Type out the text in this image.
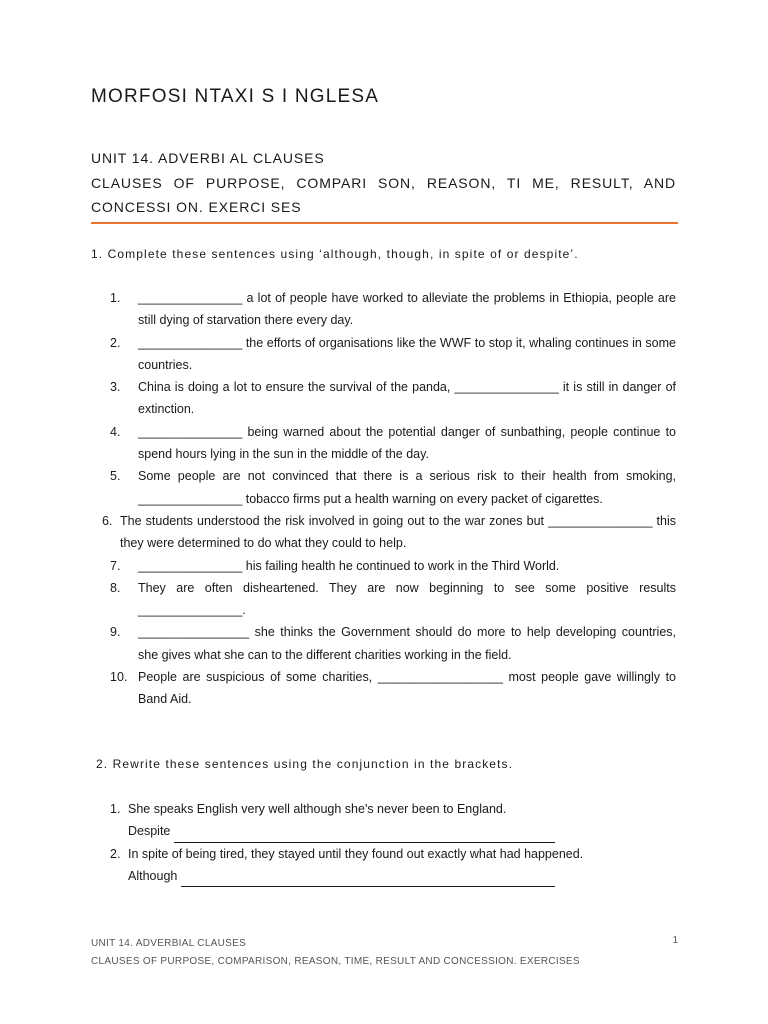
MORFOSI NTAXI S I NGLESA
UNIT 14. ADVERBI AL CLAUSES
CLAUSES OF PURPOSE, COMPARI SON, REASON, TI ME, RESULT, AND
CONCESSI ON. EXERCI SES

1. Complete these sentences using ‘although, though, in spite of or despite’.

1.	_______________ a lot of people have worked to alleviate the problems in Ethiopia, people are still dying of starvation there every day.
2.	_______________ the efforts of organisations like the WWF to stop it, whaling continues in some countries.
3.	China is doing a lot to ensure the survival of the panda, _______________ it is still in danger of extinction.
4.	_______________ being warned about the potential danger of sunbathing, people continue to spend hours lying in the sun in the middle of the day.
5.	Some people are not convinced that there is a serious risk to their health from smoking, _______________ tobacco firms put a health warning on every packet of cigarettes.
6. The students understood the risk involved in going out to the war zones but _______________ this they were determined to do what they could to help.
7.	_______________ his failing health he continued to work in the Third World.
8.	They are often disheartened. They are now beginning to see some positive results _______________.
9.	________________ she thinks the Government should do more to help developing countries, she gives what she can to the different charities working in the field.
10. People are suspicious of some charities, __________________ most people gave willingly to Band Aid.

2. Rewrite these sentences using the conjunction in the brackets.

1. She speaks English very well although she's never been to England.
Despite
2. In spite of being tired, they stayed until they found out exactly what had happened.
Although
UNIT 14. ADVERBIAL CLAUSES
CLAUSES OF PURPOSE, COMPARISON, REASON, TIME, RESULT AND CONCESSION. EXERCISES
1
